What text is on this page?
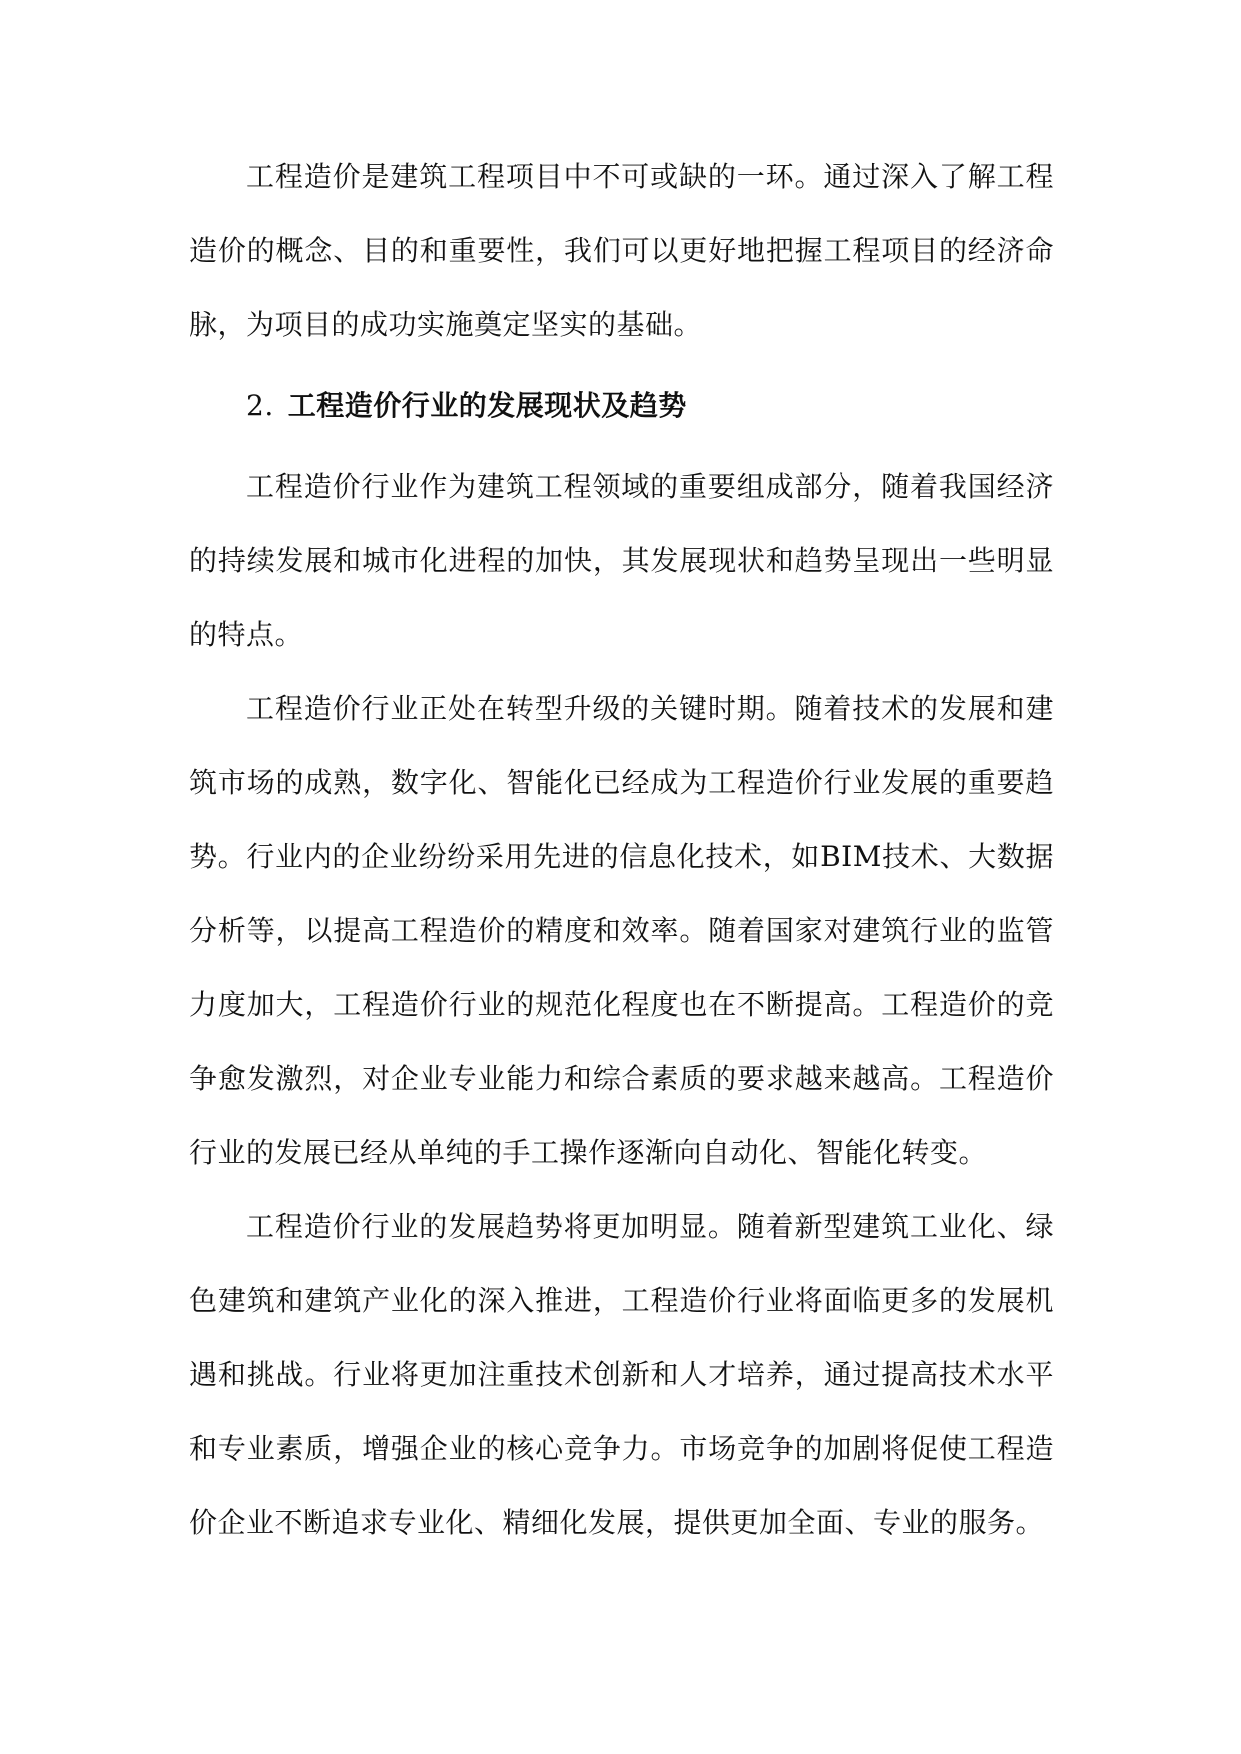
工程造价是建筑工程项目中不可或缺的一环。通过深入了解工程造价的概念、目的和重要性，我们可以更好地把握工程项目的经济命脉，为项目的成功实施奠定坚实的基础。

2. 工程造价行业的发展现状及趋势

工程造价行业作为建筑工程领域的重要组成部分，随着我国经济的持续发展和城市化进程的加快，其发展现状和趋势呈现出一些明显的特点。

工程造价行业正处在转型升级的关键时期。随着技术的发展和建筑市场的成熟，数字化、智能化已经成为工程造价行业发展的重要趋势。行业内的企业纷纷采用先进的信息化技术，如BIM技术、大数据分析等，以提高工程造价的精度和效率。随着国家对建筑行业的监管力度加大，工程造价行业的规范化程度也在不断提高。工程造价的竞争愈发激烈，对企业专业能力和综合素质的要求越来越高。工程造价行业的发展已经从单纯的手工操作逐渐向自动化、智能化转变。

工程造价行业的发展趋势将更加明显。随着新型建筑工业化、绿色建筑和建筑产业化的深入推进，工程造价行业将面临更多的发展机遇和挑战。行业将更加注重技术创新和人才培养，通过提高技术水平和专业素质，增强企业的核心竞争力。市场竞争的加剧将促使工程造价企业不断追求专业化、精细化发展，提供更加全面、专业的服务。
